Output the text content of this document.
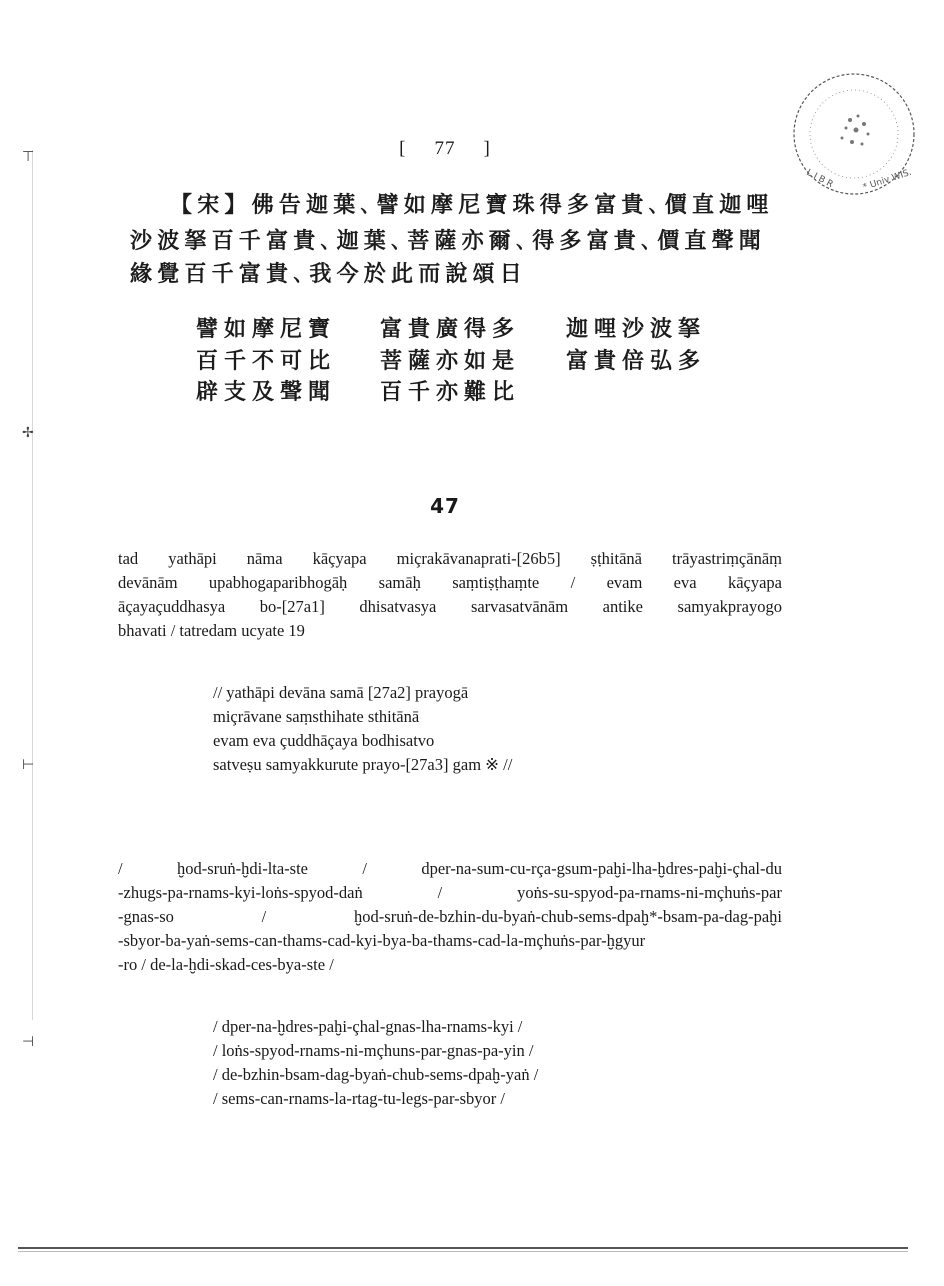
⊤
✢
⊢
⊣
L I B R	* Univ WIS.
[ 77 ]
【宋】佛告迦葉､譬如摩尼寶珠得多富貴､價直迦哩
沙波拏百千富貴､迦葉､菩薩亦爾､得多富貴､價直聲聞
緣覺百千富貴､我今於此而說頌日
譬如摩尼寶 富貴廣得多 迦哩沙波拏
百千不可比 菩薩亦如是 富貴倍弘多
辟支及聲聞 百千亦難比
47
tad yathāpi nāma kāçyapa miçrakāvanaprati-[26b5] ṣṭhitānā trāyastriṃçānāṃ
devānām upabhogaparibhogāḥ samāḥ saṃtiṣṭhaṃte / evam eva kāçyapa
āçayaçuddhasya bo-[27a1] dhisatvasya sarvasatvānām antike samyakprayogo
bhavati / tatredam ucyate 19
// yathāpi devāna samā [27a2] prayogā
miçrāvane saṃsthihate sthitānā
evam eva çuddhāçaya bodhisatvo
satveṣu samyakkurute prayo-[27a3] gam ※ //
/ ḫod-sruṅ-ḫdi-lta-ste / dper-na-sum-cu-rça-gsum-paḫi-lha-ḫdres-paḫi-çhal-du
-zhugs-pa-rnams-kyi-loṅs-spyod-daṅ / yoṅs-su-spyod-pa-rnams-ni-mçhuṅs-par
-gnas-so / ḫod-sruṅ-de-bzhin-du-byaṅ-chub-sems-dpaḫ*-bsam-pa-dag-paḫi
-sbyor-ba-yaṅ-sems-can-thams-cad-kyi-bya-ba-thams-cad-la-mçhuṅs-par-ḫgyur
-ro / de-la-ḫdi-skad-ces-bya-ste /
/ dper-na-ḫdres-paḫi-çhal-gnas-lha-rnams-kyi /
/ loṅs-spyod-rnams-ni-mçhuns-par-gnas-pa-yin /
/ de-bzhin-bsam-dag-byaṅ-chub-sems-dpaḫ-yaṅ /
/ sems-can-rnams-la-rtag-tu-legs-par-sbyor /
